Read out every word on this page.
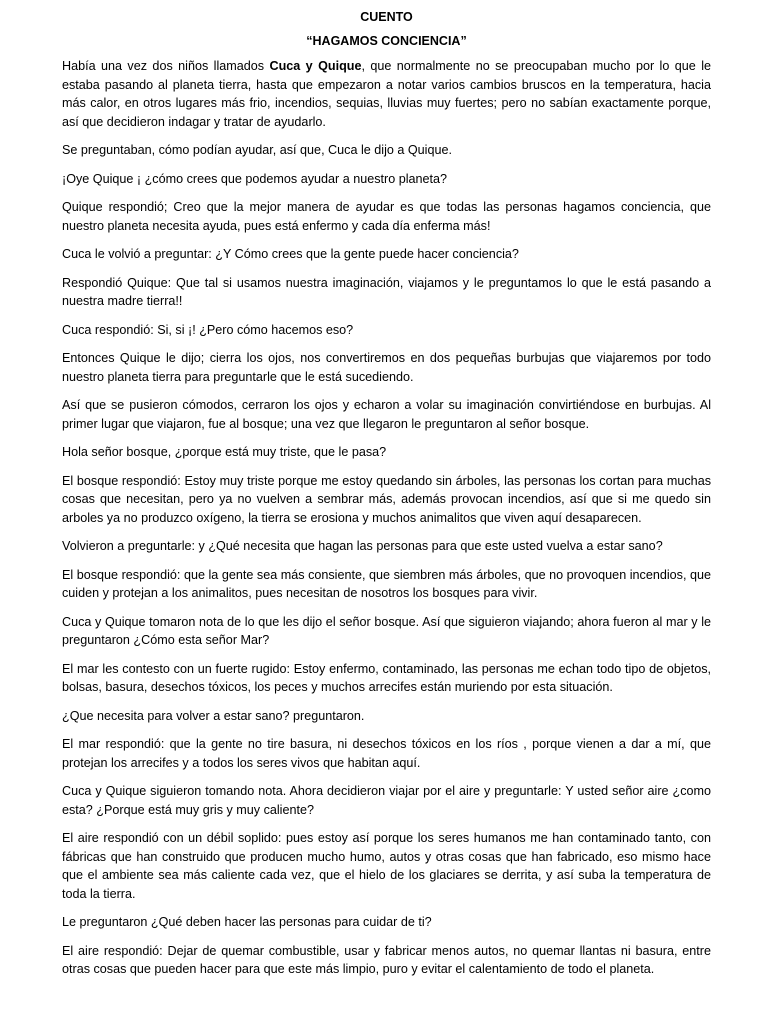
CUENTO

“HAGAMOS CONCIENCIA”

Había una vez dos niños llamados Cuca y Quique, que normalmente no se preocupaban mucho por lo que le estaba pasando al planeta tierra, hasta que empezaron a notar varios cambios bruscos en la temperatura, hacia más calor, en otros lugares más frio, incendios, sequias, lluvias muy fuertes; pero no sabían exactamente porque, así que decidieron indagar y tratar de ayudarlo.

Se preguntaban, cómo podían ayudar, así que, Cuca le dijo a Quique.

¡Oye Quique ¡ ¿cómo crees que podemos ayudar a nuestro planeta?

Quique respondió; Creo que la mejor manera de ayudar es que todas las personas hagamos conciencia, que nuestro planeta necesita ayuda, pues está enfermo y cada día enferma más!

Cuca le volvió a preguntar: ¿Y Cómo crees que la gente puede hacer conciencia?

Respondió Quique: Que tal si usamos nuestra imaginación, viajamos y le preguntamos lo que le está pasando a nuestra madre tierra!!

Cuca respondió: Si, si ¡! ¿Pero cómo hacemos eso?

Entonces Quique le dijo; cierra los ojos, nos convertiremos en dos pequeñas burbujas que viajaremos por todo nuestro planeta tierra para preguntarle que le está sucediendo.

Así que se pusieron cómodos, cerraron los ojos y echaron a volar su imaginación convirtiéndose en burbujas. Al primer lugar que viajaron, fue al bosque; una vez que llegaron le preguntaron al señor bosque.

Hola señor bosque, ¿porque está muy triste, que le pasa?

El bosque respondió: Estoy muy triste porque me estoy quedando sin árboles, las personas los cortan para muchas cosas que necesitan, pero ya no vuelven a sembrar más, además provocan incendios, así que si me quedo sin arboles ya no produzco oxígeno, la tierra se erosiona y muchos animalitos que viven aquí desaparecen.

Volvieron a preguntarle: y ¿Qué necesita que hagan las personas para que este usted vuelva a estar sano?

El bosque respondió: que la gente sea más consiente, que siembren más árboles, que no provoquen incendios, que cuiden y protejan a los animalitos, pues necesitan de nosotros los bosques para vivir.

Cuca y Quique tomaron nota de lo que les dijo el señor bosque. Así que siguieron viajando; ahora fueron al mar y le preguntaron ¿Cómo esta señor Mar?

El mar les contesto con un fuerte rugido: Estoy enfermo, contaminado, las personas me echan todo tipo de objetos, bolsas, basura, desechos tóxicos, los peces y muchos arrecifes están muriendo por esta situación.

¿Que necesita para volver a estar sano? preguntaron.

El mar respondió: que la gente no tire basura, ni desechos tóxicos en los ríos , porque vienen a dar a mí, que protejan los arrecifes y a todos los seres vivos que habitan aquí.

Cuca y Quique siguieron tomando nota. Ahora decidieron viajar por el aire y preguntarle: Y usted señor aire ¿como esta? ¿Porque está muy gris y muy caliente?

El aire respondió con un débil soplido: pues estoy así porque los seres humanos me han contaminado tanto, con fábricas que han construido que producen mucho humo, autos y otras cosas que han fabricado, eso mismo hace que el ambiente sea más caliente cada vez, que el hielo de los glaciares se derrita, y así suba la temperatura de toda la tierra.

Le preguntaron ¿Qué deben hacer las personas para cuidar de ti?

El aire respondió: Dejar de quemar combustible, usar y fabricar menos autos, no quemar llantas ni basura, entre otras cosas que pueden hacer para que este más limpio, puro y evitar el calentamiento de todo el planeta.
